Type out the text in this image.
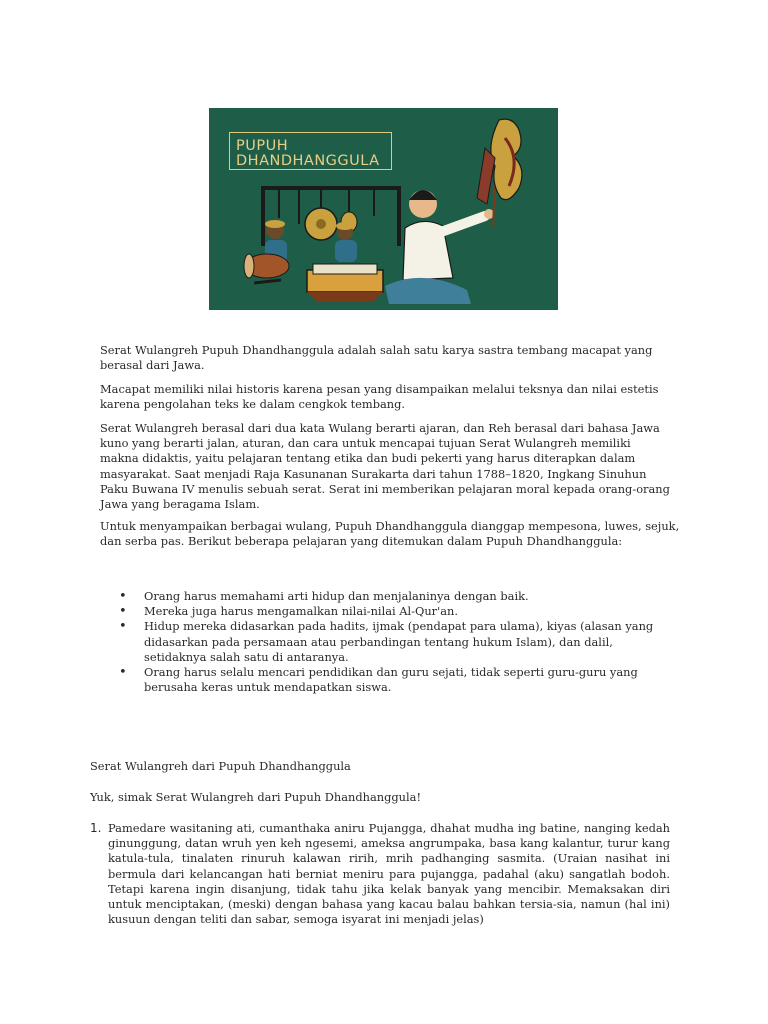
PUPUH
DHANDHANGGULA
Serat Wulangreh Pupuh Dhandhanggula adalah salah satu karya sastra tembang macapat yang berasal dari Jawa.
Macapat memiliki nilai historis karena pesan yang disampaikan melalui teksnya dan nilai estetis karena pengolahan teks ke dalam cengkok tembang.
Serat Wulangreh berasal dari dua kata Wulang berarti ajaran, dan Reh berasal dari bahasa Jawa kuno yang berarti jalan, aturan, dan cara untuk mencapai tujuan Serat Wulangreh memiliki makna didaktis, yaitu pelajaran tentang etika dan budi pekerti yang harus diterapkan dalam masyarakat. Saat menjadi Raja Kasunanan Surakarta dari tahun 1788–1820, Ingkang Sinuhun Paku Buwana IV menulis sebuah serat. Serat ini memberikan pelajaran moral kepada orang-orang Jawa yang beragama Islam.
Untuk menyampaikan berbagai wulang, Pupuh Dhandhanggula dianggap mempesona, luwes, sejuk, dan serba pas. Berikut beberapa pelajaran yang ditemukan dalam Pupuh Dhandhanggula:
• Orang harus memahami arti hidup dan menjalaninya dengan baik.
• Mereka juga harus mengamalkan nilai-nilai Al-Qur'an.
• Hidup mereka didasarkan pada hadits, ijmak (pendapat para ulama), kiyas (alasan yang didasarkan pada persamaan atau perbandingan tentang hukum Islam), dan dalil, setidaknya salah satu di antaranya.
• Orang harus selalu mencari pendidikan dan guru sejati, tidak seperti guru-guru yang berusaha keras untuk mendapatkan siswa.
Serat Wulangreh dari Pupuh Dhandhanggula
Yuk, simak Serat Wulangreh dari Pupuh Dhandhanggula!
1. Pamedare wasitaning ati, cumanthaka aniru Pujangga, dhahat mudha ing batine, nanging kedah ginunggung, datan wruh yen keh ngesemi, ameksa angrumpaka, basa kang kalantur, turur kang katula-tula, tinalaten rinuruh kalawan ririh, mrih padhanging sasmita. (Uraian nasihat ini bermula dari kelancangan hati berniat meniru para pujangga, padahal (aku) sangatlah bodoh. Tetapi karena ingin disanjung, tidak tahu jika kelak banyak yang mencibir. Memaksakan diri untuk menciptakan, (meski) dengan bahasa yang kacau balau bahkan tersia-sia, namun (hal ini) kusuun dengan teliti dan sabar, semoga isyarat ini menjadi jelas)
